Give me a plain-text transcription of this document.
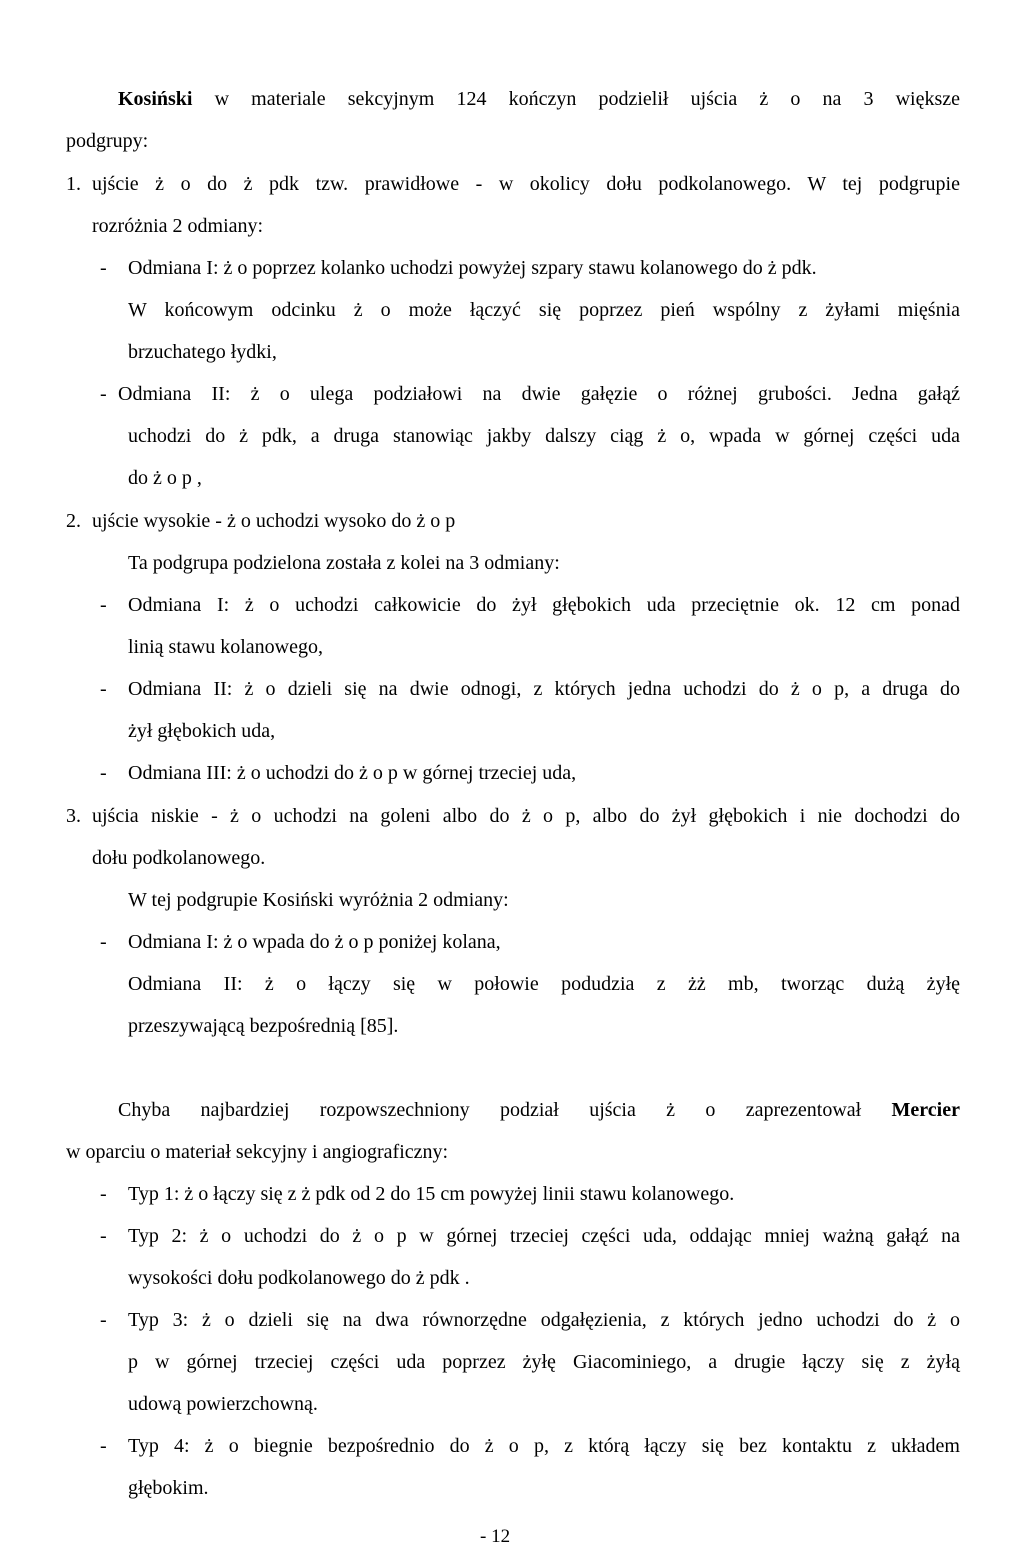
Kosiński w materiale sekcyjnym 124 kończyn podzielił ujścia ż o na 3 większe
podgrupy:
1. ujście ż o do ż pdk tzw. prawidłowe - w okolicy dołu podkolanowego. W tej podgrupie
rozróżnia 2 odmiany:
- Odmiana I: ż o poprzez kolanko uchodzi powyżej szpary stawu kolanowego do ż pdk.
W końcowym odcinku ż o może łączyć się poprzez pień wspólny z żyłami mięśnia
brzuchatego łydki,
- Odmiana II: ż o ulega podziałowi na dwie gałęzie o różnej grubości. Jedna gałąź
uchodzi do ż pdk, a druga stanowiąc jakby dalszy ciąg ż o, wpada w górnej części uda
do ż o p ,
2. ujście wysokie - ż o uchodzi wysoko do ż o p
Ta podgrupa podzielona została z kolei na 3 odmiany:
- Odmiana I: ż o uchodzi całkowicie do żył głębokich uda przeciętnie ok. 12 cm ponad
linią stawu kolanowego,
- Odmiana II: ż o dzieli się na dwie odnogi, z których jedna uchodzi do ż o p, a druga do
żył głębokich uda,
- Odmiana III: ż o uchodzi do ż o p w górnej trzeciej uda,
3. ujścia niskie - ż o uchodzi na goleni albo do ż o p, albo do żył głębokich i nie dochodzi do
dołu podkolanowego.
W tej podgrupie Kosiński wyróżnia 2 odmiany:
- Odmiana I: ż o wpada do ż o p poniżej kolana,
Odmiana II: ż o łączy się w połowie podudzia z żż mb, tworząc dużą żyłę
przeszywającą bezpośrednią [85].
Chyba najbardziej rozpowszechniony podział ujścia ż o zaprezentował Mercier
w oparciu o materiał sekcyjny i angiograficzny:
- Typ 1: ż o łączy się z ż pdk od 2 do 15 cm powyżej linii stawu kolanowego.
- Typ 2: ż o uchodzi do ż o p w górnej trzeciej części uda, oddając mniej ważną gałąź na
wysokości dołu podkolanowego do ż pdk .
- Typ 3: ż o dzieli się na dwa równorzędne odgałęzienia, z których jedno uchodzi do ż o
p w górnej trzeciej części uda poprzez żyłę Giacominiego, a drugie łączy się z żyłą
udową powierzchowną.
- Typ 4: ż o biegnie bezpośrednio do ż o p, z którą łączy się bez kontaktu z układem
głębokim.
- 12
